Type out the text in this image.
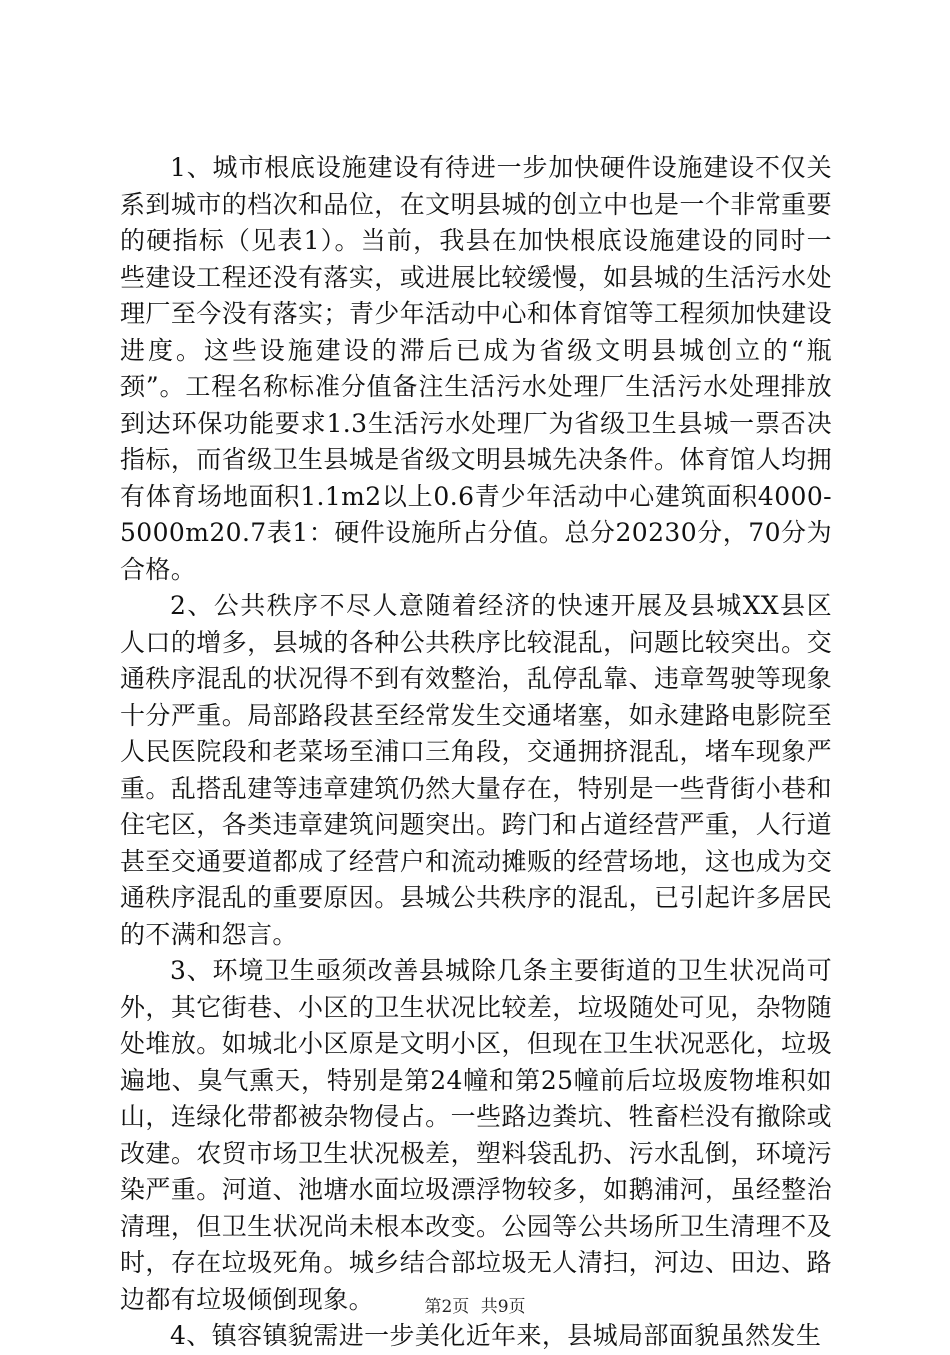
1、城市根底设施建设有待进一步加快硬件设施建设不仅关系到城市的档次和品位，在文明县城的创立中也是一个非常重要的硬指标（见表1）。当前，我县在加快根底设施建设的同时一些建设工程还没有落实，或进展比较缓慢，如县城的生活污水处理厂至今没有落实；青少年活动中心和体育馆等工程须加快建设进度。这些设施建设的滞后已成为省级文明县城创立的“瓶颈”。工程名称标准分值备注生活污水处理厂生活污水处理排放到达环保功能要求1.3生活污水处理厂为省级卫生县城一票否决指标，而省级卫生县城是省级文明县城先决条件。体育馆人均拥有体育场地面积1.1m2以上0.6青少年活动中心建筑面积4000-5000m20.7表1：硬件设施所占分值。总分20230分，70分为合格。

2、公共秩序不尽人意随着经济的快速开展及县城XX县区人口的增多，县城的各种公共秩序比较混乱，问题比较突出。交通秩序混乱的状况得不到有效整治，乱停乱靠、违章驾驶等现象十分严重。局部路段甚至经常发生交通堵塞，如永建路电影院至人民医院段和老菜场至浦口三角段，交通拥挤混乱，堵车现象严重。乱搭乱建等违章建筑仍然大量存在，特别是一些背街小巷和住宅区，各类违章建筑问题突出。跨门和占道经营严重，人行道甚至交通要道都成了经营户和流动摊贩的经营场地，这也成为交通秩序混乱的重要原因。县城公共秩序的混乱，已引起许多居民的不满和怨言。

3、环境卫生亟须改善县城除几条主要街道的卫生状况尚可外，其它街巷、小区的卫生状况比较差，垃圾随处可见，杂物随处堆放。如城北小区原是文明小区，但现在卫生状况恶化，垃圾遍地、臭气熏天，特别是第24幢和第25幢前后垃圾废物堆积如山，连绿化带都被杂物侵占。一些路边粪坑、牲畜栏没有撤除或改建。农贸市场卫生状况极差，塑料袋乱扔、污水乱倒，环境污染严重。河道、池塘水面垃圾漂浮物较多，如鹅浦河，虽经整治清理，但卫生状况尚未根本改变。公园等公共场所卫生清理不及时，存在垃圾死角。城乡结合部垃圾无人清扫，河边、田边、路边都有垃圾倾倒现象。

4、镇容镇貌需进一步美化近年来，县城局部面貌虽然发生

第2页 共9页
